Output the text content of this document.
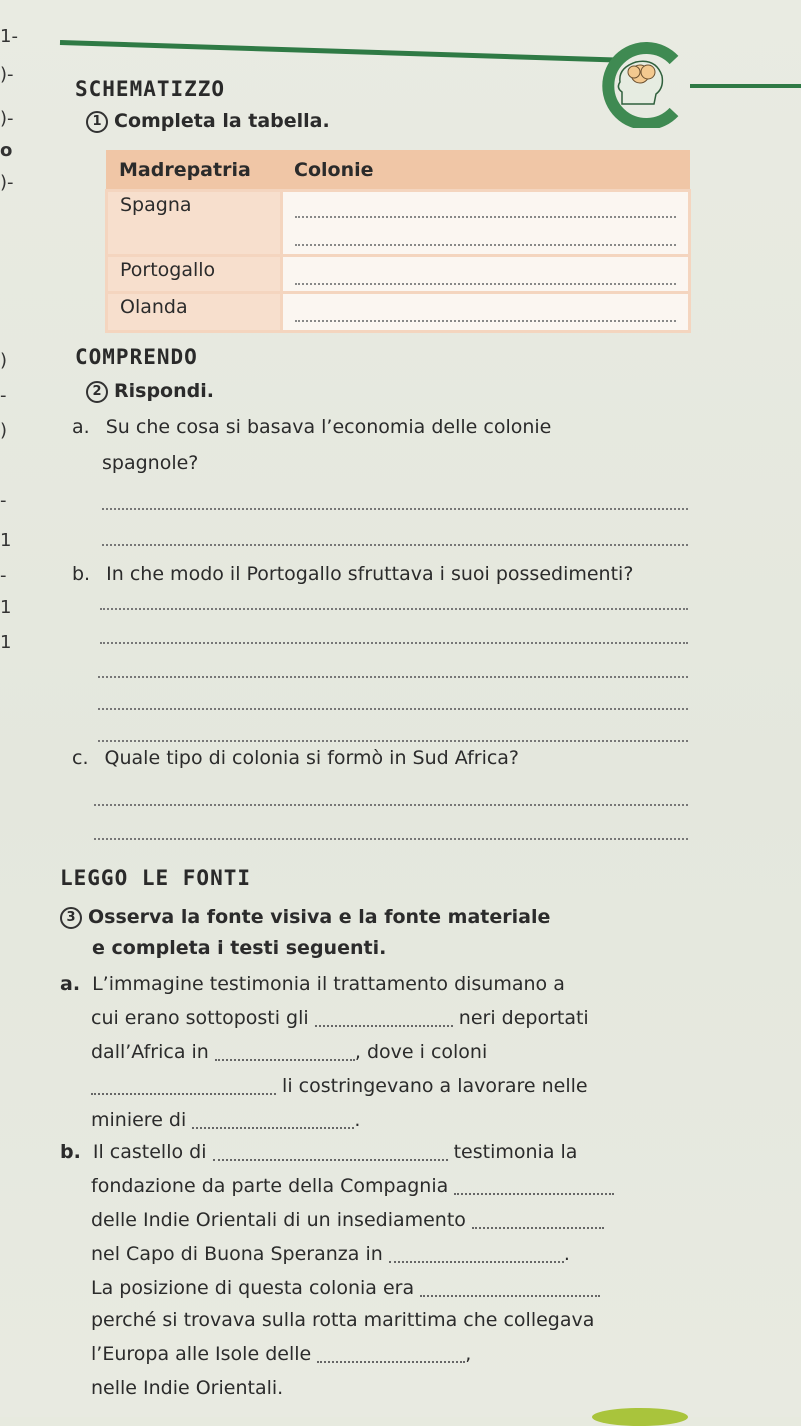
1-
)-
)-
o
)-
)
-
)
-
1
-
1
1
SCHEMATIZZO
1 Completa la tabella.
Madrepatria	Colonie
Spagna	

Portogallo	

Olanda	
COMPRENDO
2 Rispondi.
a. Su che cosa si basava l’economia delle colonie
spagnole?
b. In che modo il Portogallo sfruttava i suoi possedimenti?
c. Quale tipo di colonia si formò in Sud Africa?
LEGGO LE FONTI
3 Osserva la fonte visiva e la fonte materiale
e completa i testi seguenti.
a. L’immagine testimonia il trattamento disumano a
cui erano sottoposti gli	neri deportati
dall’Africa in	, dove i coloni
li costringevano a lavorare nelle
miniere di	.
b. Il castello di	testimonia la
fondazione da parte della Compagnia
delle Indie Orientali di un insediamento
nel Capo di Buona Speranza in	.
La posizione di questa colonia era
perché si trovava sulla rotta marittima che collegava
l’Europa alle Isole delle	,
nelle Indie Orientali.
